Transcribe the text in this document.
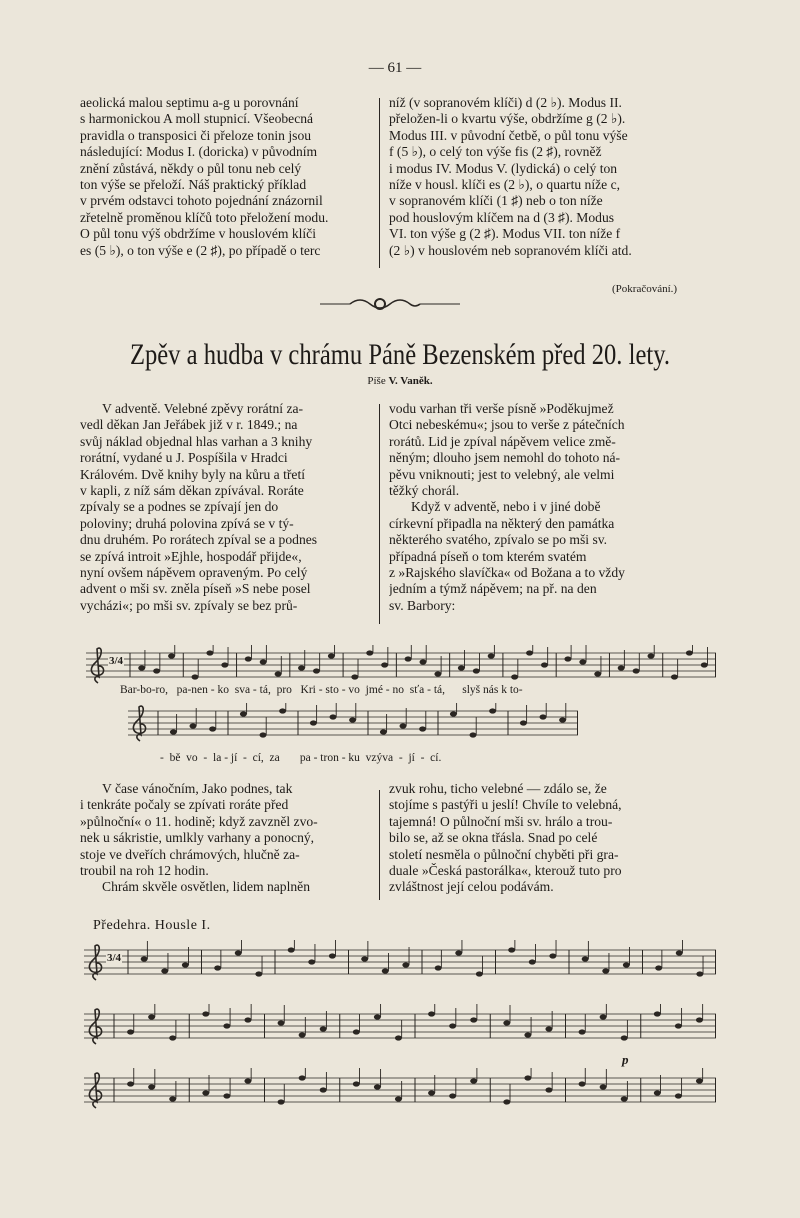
— 61 —

aeolická malou septimu a-g u porovnání

s harmonickou A moll stupnicí. Všeobecná

pravidla o transposici či přeloze tonin jsou

následující: Modus I. (doricka) v původním

znění zůstává, někdy o půl tonu neb celý

ton výše se přeloží. Náš praktický příklad

v prvém odstavci tohoto pojednání znázornil

zřetelně proměnou klíčů toto přeložení modu.

O půl tonu výš obdržíme v houslovém klíči

es (5 ♭), o ton výše e (2 ♯), po případě o terc

níž (v sopranovém klíči) d (2 ♭). Modus II.

přeložen-li o kvartu výše, obdržíme g (2 ♭).

Modus III. v původní četbě, o půl tonu výše

f (5 ♭), o celý ton výše fis (2 ♯), rovněž

i modus IV. Modus V. (lydická) o celý ton

níže v housl. klíči es (2 ♭), o quartu níže c,

v sopranovém klíči (1 ♯) neb o ton níže

pod houslovým klíčem na d (3 ♯). Modus

VI. ton výše g (2 ♯). Modus VII. ton níže f

(2 ♭) v houslovém neb sopranovém klíči atd.

(Pokračování.)
Zpěv a hudba v chrámu Páně Bezenském před 20. lety.
Píše V. Vaněk.

V adventě. Velebné zpěvy rorátní za-

vedl děkan Jan Jeřábek již v r. 1849.; na

svůj náklad objednal hlas varhan a 3 knihy

rorátní, vydané u J. Pospíšila v Hradci

Královém. Dvě knihy byly na kůru a třetí

v kapli, z níž sám děkan zpívával. Roráte

zpívaly se a podnes se zpívají jen do

poloviny; druhá polovina zpívá se v tý-

dnu druhém. Po rorátech zpíval se a podnes

se zpívá introit »Ejhle, hospodář přijde«,

nyní ovšem nápěvem opraveným. Po celý

advent o mši sv. zněla píseň »S nebe posel

vycházi«; po mši sv. zpívaly se bez prů-

vodu varhan tři verše písně »Poděkujmež

Otci nebeskému«; jsou to verše z pátečních

rorátů. Lid je zpíval nápěvem velice změ-

něným; dlouho jsem nemohl do tohoto ná-

pěvu vniknouti; jest to velebný, ale velmi

těžký chorál.

Když v adventě, nebo i v jiné době

církevní připadla na některý den památka

některého svatého, zpívalo se po mši sv.

případná píseň o tom kterém svatém

z »Rajského slavíčka« od Božana a to vždy

jedním a týmž nápěvem; na př. na den

sv. Barbory:

3/4
Bar-bo-ro,   pa-nen - ko  sva - tá,  pro   Kri - sto - vo  jmé - no  sťa - tá,      slyš nás k to-
-  bě  vo  -  la - jí  -  cí,  za       pa - tron - ku  vzýva  -  jí  -  cí.

V čase vánočním, Jako podnes, tak

i tenkráte počaly se zpívati roráte před

»půlnoční« o 11. hodině; když zavzněl zvo-

nek u sákristie, umlkly varhany a ponocný,

stoje ve dveřích chrámových, hlučně za-

troubil na roh 12 hodin.

Chrám skvěle osvětlen, lidem naplněn

zvuk rohu, ticho velebné — zdálo se, že

stojíme s pastýři u jeslí! Chvíle to velebná,

tajemná! O půlnoční mši sv. hrálo a trou-

bilo se, až se okna třásla. Snad po celé

století nesměla o půlnoční chyběti při gra-

duale »Česká pastorálka«, kterouž tuto pro

zvláštnost její celou podávám.

Předehra. Housle I.
3/4
p
